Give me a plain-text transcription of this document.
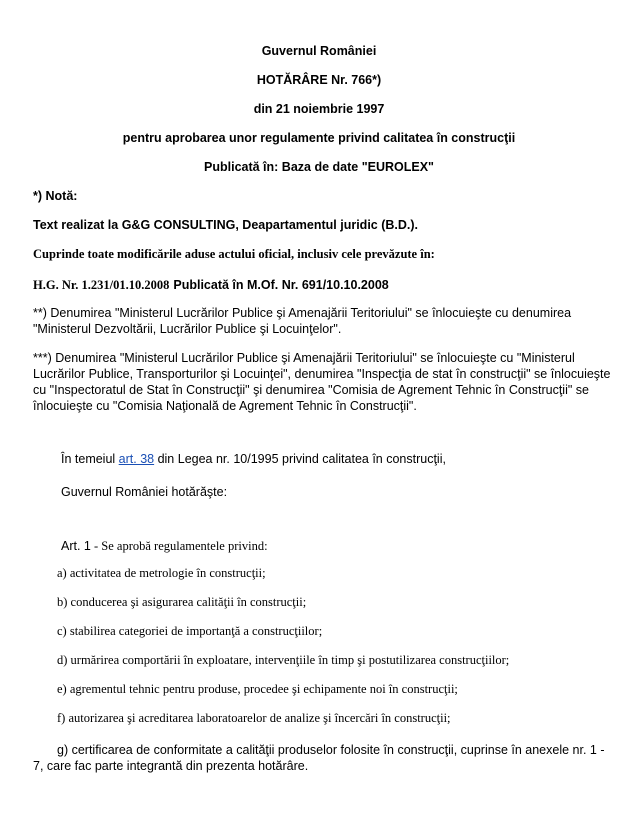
Guvernul României
HOTĂRÂRE Nr. 766*)
din 21 noiembrie 1997
pentru aprobarea unor regulamente privind calitatea în construcţii
Publicată în: Baza de date "EUROLEX"
*) Notă:
Text realizat la G&G CONSULTING, Deapartamentul juridic (B.D.).
Cuprinde toate modificările aduse actului oficial, inclusiv cele prevăzute în:
H.G. Nr. 1.231/01.10.2008 Publicată în M.Of. Nr. 691/10.10.2008
**) Denumirea "Ministerul Lucrărilor Publice şi Amenajării Teritoriului" se înlocuieşte cu denumirea "Ministerul Dezvoltării, Lucrărilor Publice şi Locuinţelor".
***) Denumirea "Ministerul Lucrărilor Publice şi Amenajării Teritoriului" se înlocuieşte cu "Ministerul Lucrărilor Publice, Transporturilor şi Locuinţei", denumirea "Inspecţia de stat în construcţii" se înlocuieşte cu "Inspectoratul de Stat în Construcţii" şi denumirea "Comisia de Agrement Tehnic în Construcţii" se înlocuieşte cu "Comisia Naţională de Agrement Tehnic în Construcţii".
În temeiul art. 38 din Legea nr. 10/1995 privind calitatea în construcţii,
Guvernul României hotărăşte:
Art. 1 - Se aprobă regulamentele privind:
a) activitatea de metrologie în construcţii;
b) conducerea şi asigurarea calităţii în construcţii;
c) stabilirea categoriei de importanţă a construcţiilor;
d) urmărirea comportării în exploatare, intervenţiile în timp şi postutilizarea construcţiilor;
e) agrementul tehnic pentru produse, procedee şi echipamente noi în construcţii;
f) autorizarea şi acreditarea laboratoarelor de analize şi încercări în construcţii;
g) certificarea de conformitate a calităţii produselor folosite în construcţii, cuprinse în anexele nr. 1 - 7, care fac parte integrantă din prezenta hotărâre.
